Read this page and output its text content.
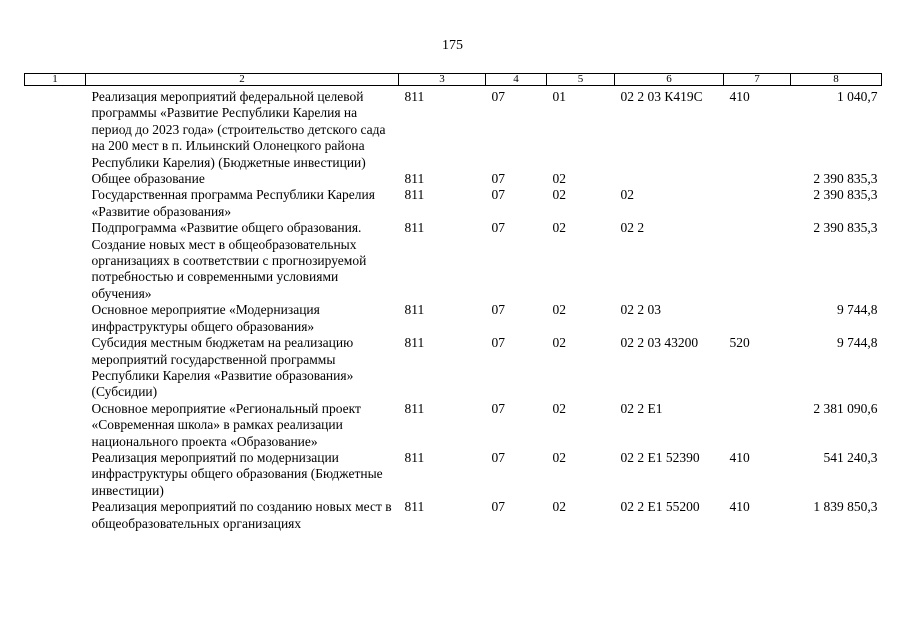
175
1	2	3	4	5	6	7	8
	Реализация мероприятий федеральной целевой программы «Развитие Республики Карелия на период до 2023 года» (строительство детского сада на 200 мест в п. Ильинский Олонецкого района Республики Карелия) (Бюджетные инвестиции)	811	07	01	02 2 03 К419С	410	1 040,7
	Общее образование	811	07	02			2 390 835,3
	Государственная программа Республики Карелия «Развитие образования»	811	07	02	02		2 390 835,3
	Подпрограмма «Развитие общего образования. Создание новых мест в общеобразовательных организациях в соответствии с прогнозируемой потребностью и современными условиями обучения»	811	07	02	02 2		2 390 835,3
	Основное мероприятие «Модернизация инфраструктуры общего образования»	811	07	02	02 2 03		9 744,8
	Субсидия местным бюджетам на реализацию мероприятий государственной программы Республики Карелия «Развитие образования» (Субсидии)	811	07	02	02 2 03 43200	520	9 744,8
	Основное мероприятие «Региональный проект «Современная школа» в рамках реализации национального проекта «Образование»	811	07	02	02 2 Е1		2 381 090,6
	Реализация мероприятий по модернизации инфраструктуры общего образования (Бюджетные инвестиции)	811	07	02	02 2 Е1 52390	410	541 240,3
	Реализация мероприятий по созданию новых мест в общеобразовательных организациях	811	07	02	02 2 Е1 55200	410	1 839 850,3
